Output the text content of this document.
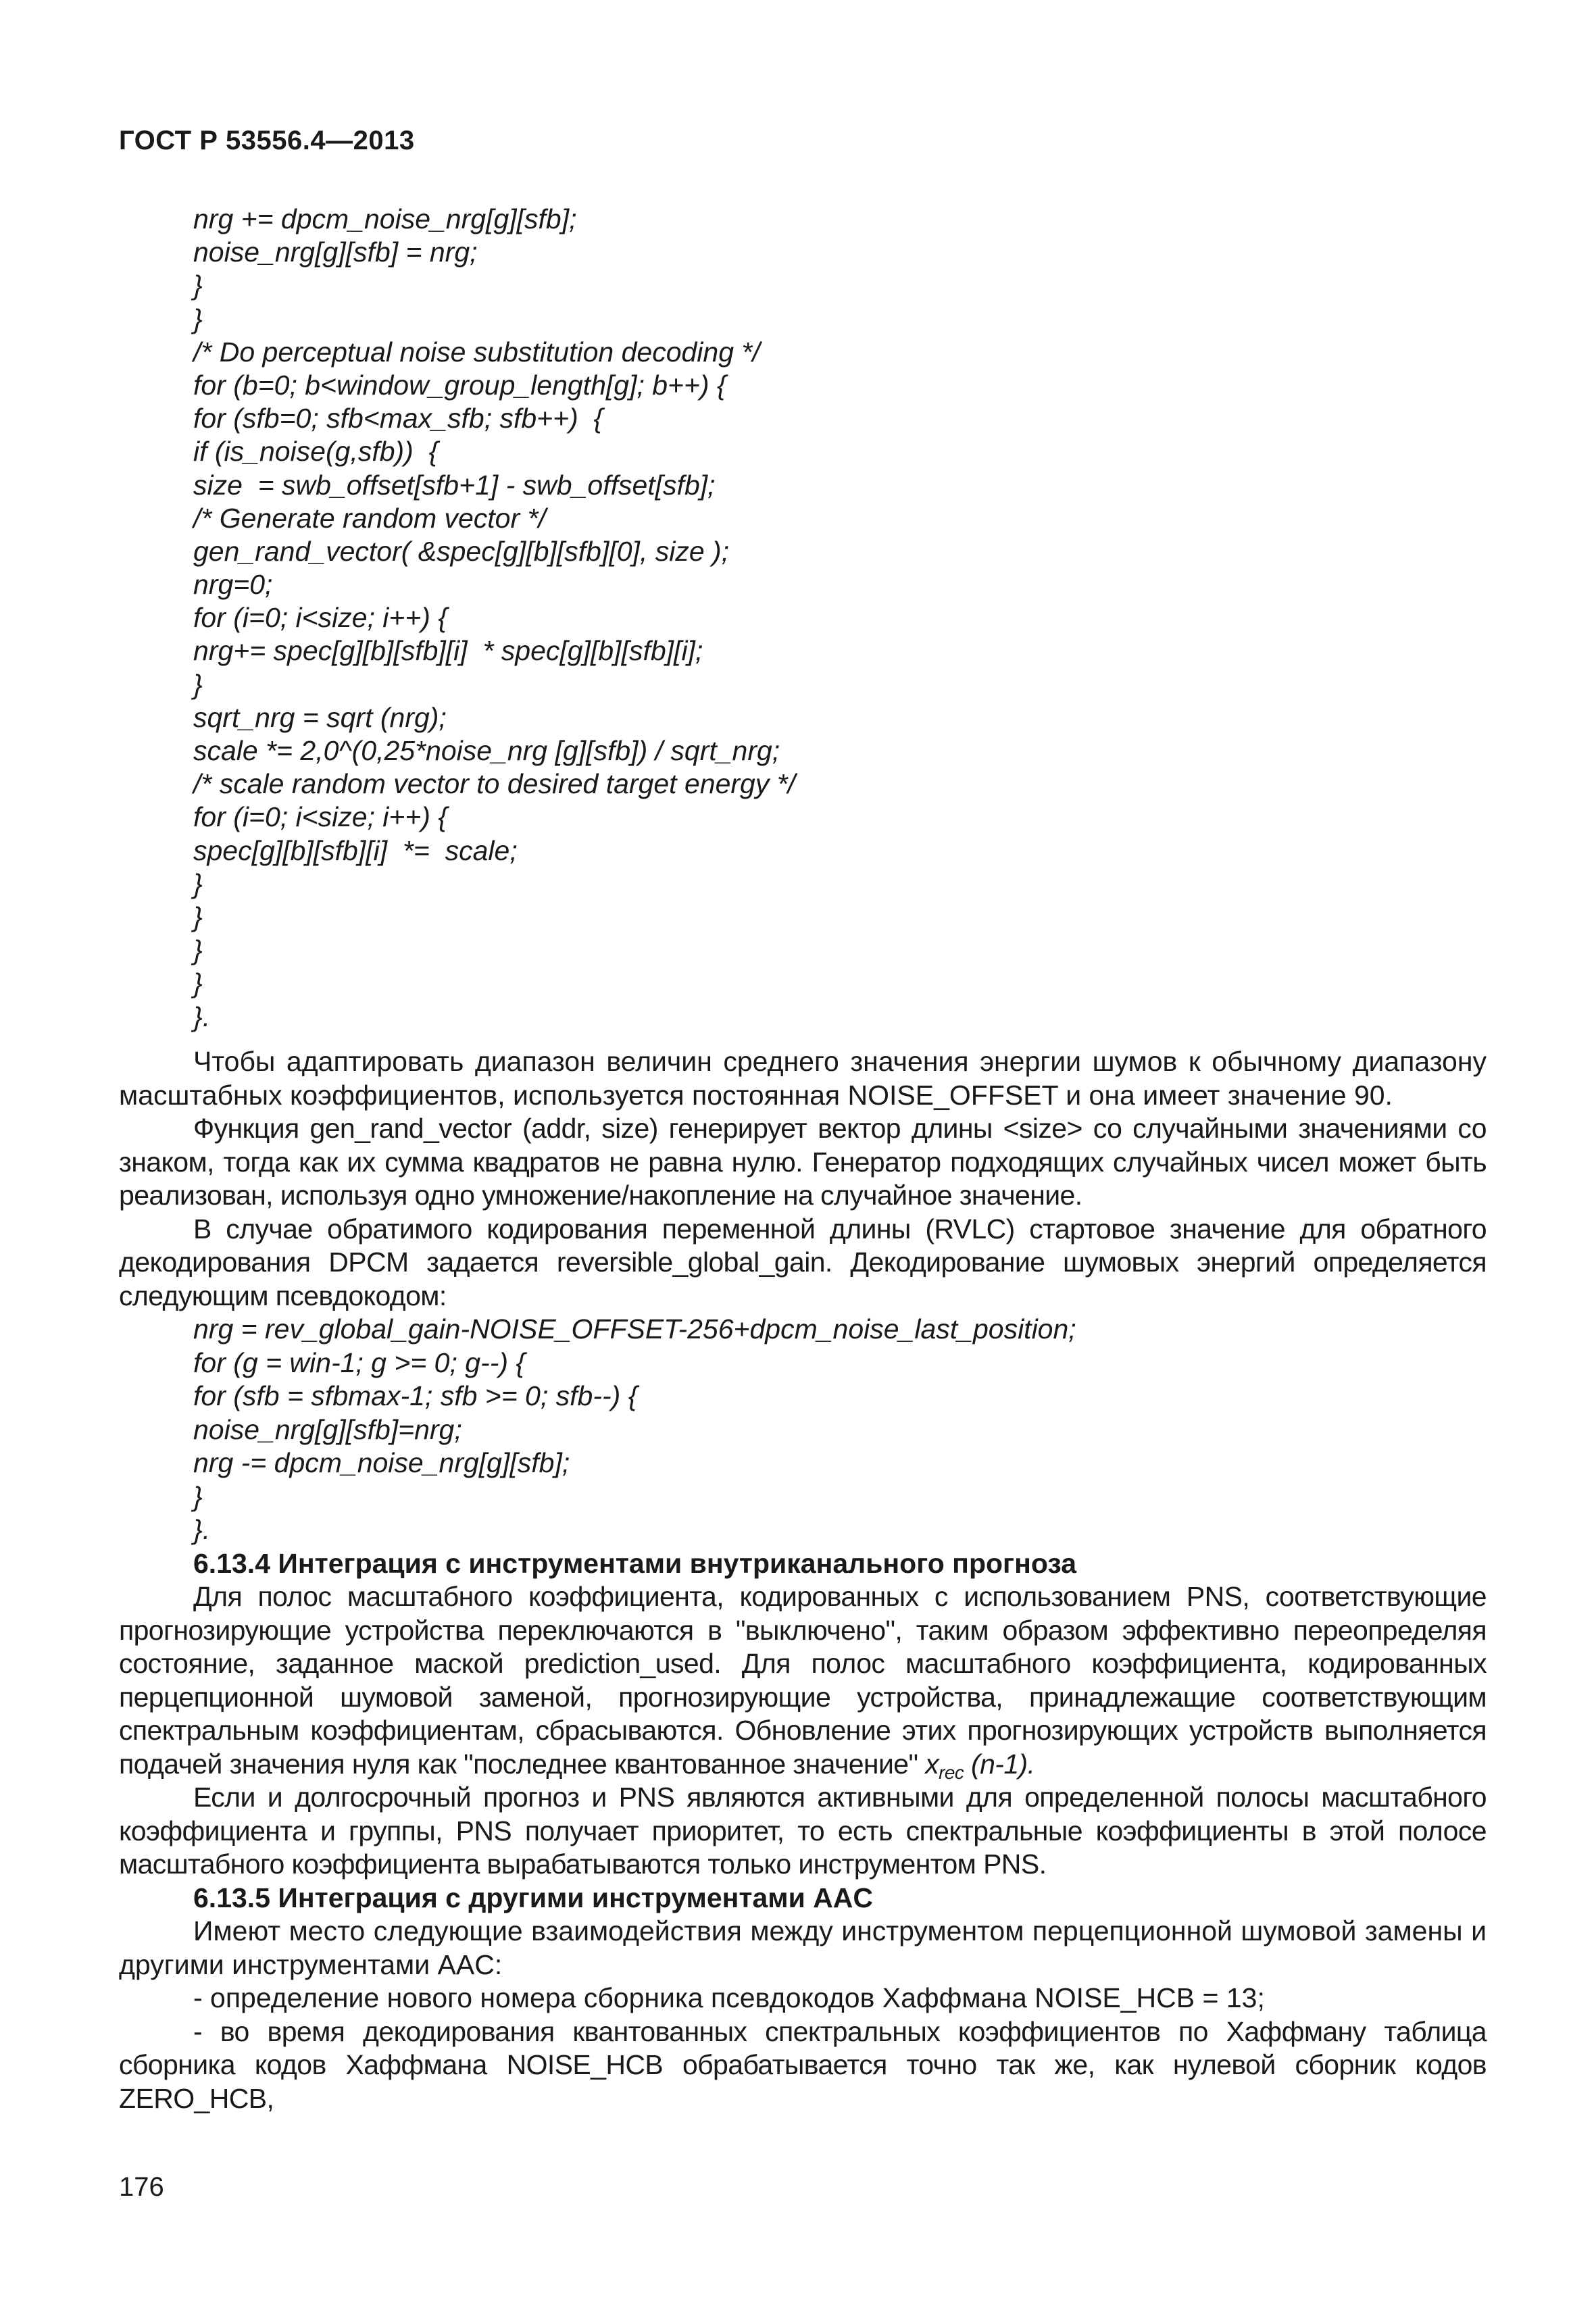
ГОСТ Р 53556.4—2013
nrg += dpcm_noise_nrg[g][sfb];
noise_nrg[g][sfb] = nrg;
}
}
/* Do perceptual noise substitution decoding */
for (b=0; b<window_group_length[g]; b++) {
for (sfb=0; sfb<max_sfb; sfb++)  {
if (is_noise(g,sfb))  {
size  = swb_offset[sfb+1] - swb_offset[sfb];
/* Generate random vector */
gen_rand_vector( &spec[g][b][sfb][0], size );
nrg=0;
for (i=0; i<size; i++) {
nrg+= spec[g][b][sfb][i]  * spec[g][b][sfb][i];
}
sqrt_nrg = sqrt (nrg);
scale *= 2,0^(0,25*noise_nrg [g][sfb]) / sqrt_nrg;
/* scale random vector to desired target energy */
for (i=0; i<size; i++) {
spec[g][b][sfb][i]  *=  scale;
}
}
}
}
}.

Чтобы адаптировать диапазон величин среднего значения энергии шумов к обычному диапазону масштабных коэффициентов, используется постоянная NOISE_OFFSET и она имеет значение 90.

Функция gen_rand_vector (addr, size) генерирует вектор длины <size> со случайными значениями со знаком, тогда как их сумма квадратов не равна нулю. Генератор подходящих случайных чисел может быть реализован, используя одно умножение/накопление на случайное значение.

В случае обратимого кодирования переменной длины (RVLC) стартовое значение для обратного декодирования DPCM задается reversible_global_gain. Декодирование шумовых энергий определяется следующим псевдокодом:

nrg = rev_global_gain-NOISE_OFFSET-256+dpcm_noise_last_position;
for (g = win-1; g >= 0; g--) {
for (sfb = sfbmax-1; sfb >= 0; sfb--) {
noise_nrg[g][sfb]=nrg;
nrg -= dpcm_noise_nrg[g][sfb];
}
}.

6.13.4 Интеграция с инструментами внутриканального прогноза

Для полос масштабного коэффициента, кодированных с использованием PNS, соответствующие прогнозирующие устройства переключаются в "выключено", таким образом эффективно переопределяя состояние, заданное маской prediction_used. Для полос масштабного коэффициента, кодированных перцепционной шумовой заменой, прогнозирующие устройства, принадлежащие соответствующим спектральным коэффициентам, сбрасываются. Обновление этих прогнозирующих устройств выполняется подачей значения нуля как "последнее квантованное значение" $x_{rec}$ (n-1).

Если и долгосрочный прогноз и PNS являются активными для определенной полосы масштабного коэффициента и группы, PNS получает приоритет, то есть спектральные коэффициенты в этой полосе масштабного коэффициента вырабатываются только инструментом PNS.

6.13.5 Интеграция с другими инструментами AAC

Имеют место следующие взаимодействия между инструментом перцепционной шумовой замены и другими инструментами AAC:

- определение нового номера сборника псевдокодов Хаффмана NOISE_HCB = 13;

- во время декодирования квантованных спектральных коэффициентов по Хаффману таблица сборника кодов Хаффмана NOISE_HCB обрабатывается точно так же, как нулевой сборник кодов ZERO_HCB,

176
